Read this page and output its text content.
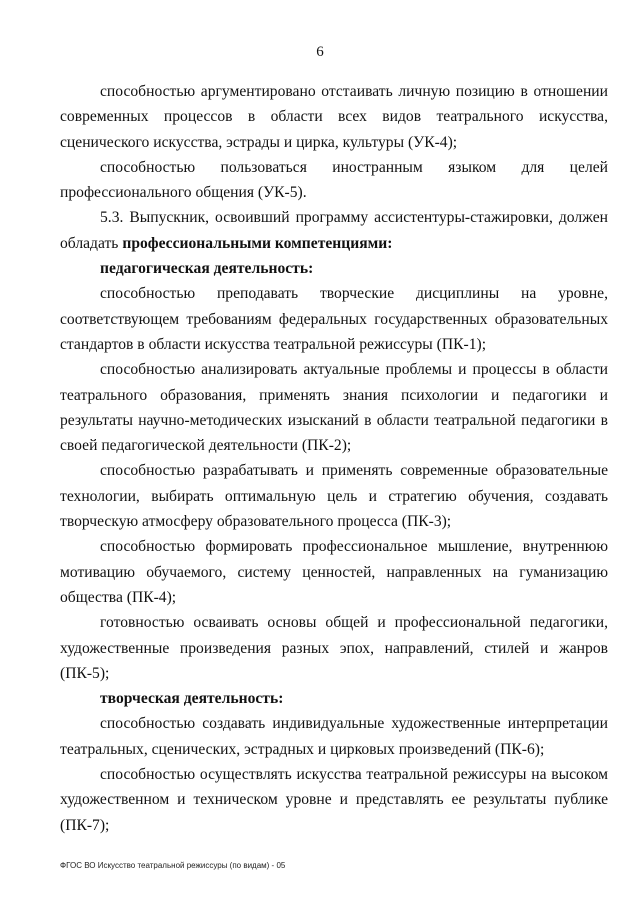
6

способностью аргументировано отстаивать личную позицию в отношении современных процессов в области всех видов театрального искусства, сценического искусства, эстрады и цирка, культуры (УК-4);

способностью пользоваться иностранным языком для целей профессионального общения (УК-5).

5.3. Выпускник, освоивший программу ассистентуры-стажировки, должен обладать профессиональными компетенциями:

педагогическая деятельность:

способностью преподавать творческие дисциплины на уровне, соответствующем требованиям федеральных государственных образовательных стандартов в области искусства театральной режиссуры (ПК-1);

способностью анализировать актуальные проблемы и процессы в области театрального образования, применять знания психологии и педагогики и результаты научно-методических изысканий в области театральной педагогики в своей педагогической деятельности (ПК-2);

способностью разрабатывать и применять современные образовательные технологии, выбирать оптимальную цель и стратегию обучения, создавать творческую атмосферу образовательного процесса (ПК-3);

способностью формировать профессиональное мышление, внутреннюю мотивацию обучаемого, систему ценностей, направленных на гуманизацию общества (ПК-4);

готовностью осваивать основы общей и профессиональной педагогики, художественные произведения разных эпох, направлений, стилей и жанров (ПК-5);

творческая деятельность:

способностью создавать индивидуальные художественные интерпретации театральных, сценических, эстрадных и цирковых произведений (ПК-6);

способностью осуществлять искусства театральной режиссуры на высоком художественном и техническом уровне и представлять ее результаты публике (ПК-7);

ФГОС ВО Искусство театральной режиссуры (по видам) - 05
